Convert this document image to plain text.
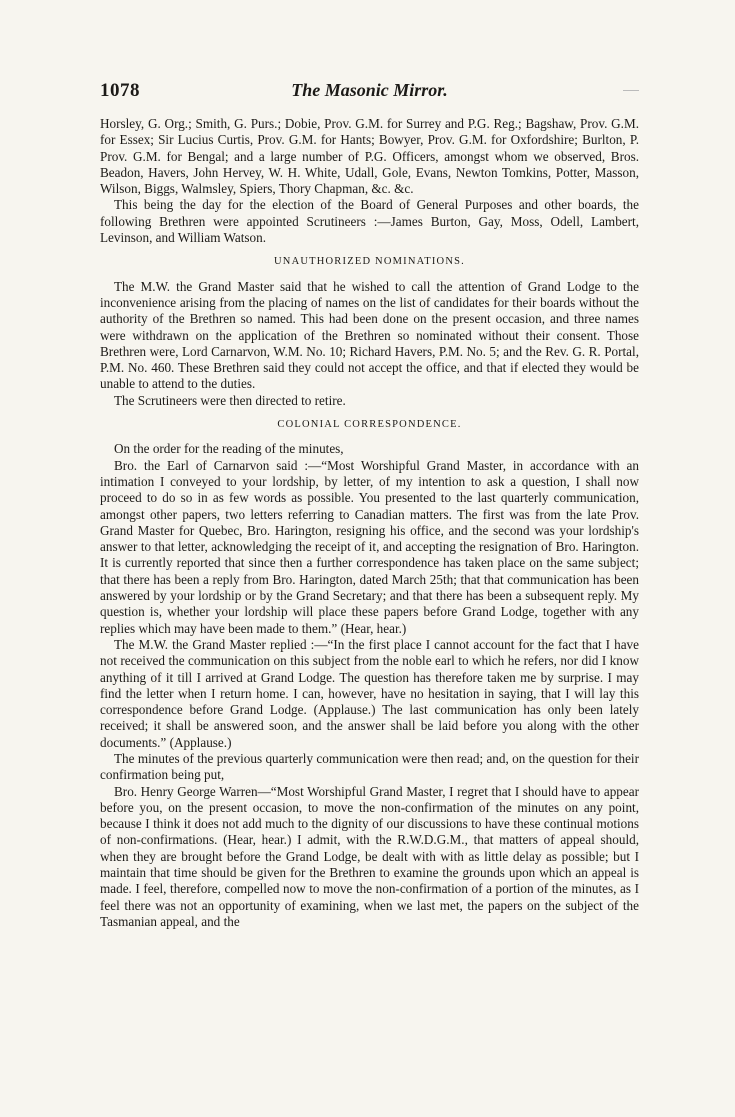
1078	The Masonic Mirror.

Horsley, G. Org.; Smith, G. Purs.; Dobie, Prov. G.M. for Surrey and P.G. Reg.; Bagshaw, Prov. G.M. for Essex; Sir Lucius Curtis, Prov. G.M. for Hants; Bowyer, Prov. G.M. for Oxfordshire; Burlton, P. Prov. G.M. for Bengal; and a large number of P.G. Officers, amongst whom we observed, Bros. Beadon, Havers, John Hervey, W. H. White, Udall, Gole, Evans, Newton Tomkins, Potter, Masson, Wilson, Biggs, Walmsley, Spiers, Thory Chapman, &c. &c.

This being the day for the election of the Board of General Purposes and other boards, the following Brethren were appointed Scrutineers :—James Burton, Gay, Moss, Odell, Lambert, Levinson, and William Watson.

UNAUTHORIZED NOMINATIONS.

The M.W. the Grand Master said that he wished to call the attention of Grand Lodge to the inconvenience arising from the placing of names on the list of candidates for their boards without the authority of the Brethren so named. This had been done on the present occasion, and three names were withdrawn on the application of the Brethren so nominated without their consent. Those Brethren were, Lord Carnarvon, W.M. No. 10; Richard Havers, P.M. No. 5; and the Rev. G. R. Portal, P.M. No. 460. These Brethren said they could not accept the office, and that if elected they would be unable to attend to the duties.

The Scrutineers were then directed to retire.

COLONIAL CORRESPONDENCE.

On the order for the reading of the minutes,

Bro. the Earl of Carnarvon said :—“Most Worshipful Grand Master, in accordance with an intimation I conveyed to your lordship, by letter, of my intention to ask a question, I shall now proceed to do so in as few words as possible. You presented to the last quarterly communication, amongst other papers, two letters referring to Canadian matters. The first was from the late Prov. Grand Master for Quebec, Bro. Harington, resigning his office, and the second was your lordship's answer to that letter, acknowledging the receipt of it, and accepting the resignation of Bro. Harington. It is currently reported that since then a further correspondence has taken place on the same subject; that there has been a reply from Bro. Harington, dated March 25th; that that communication has been answered by your lordship or by the Grand Secretary; and that there has been a subsequent reply. My question is, whether your lordship will place these papers before Grand Lodge, together with any replies which may have been made to them.” (Hear, hear.)

The M.W. the Grand Master replied :—“In the first place I cannot account for the fact that I have not received the communication on this subject from the noble earl to which he refers, nor did I know anything of it till I arrived at Grand Lodge. The question has therefore taken me by surprise. I may find the letter when I return home. I can, however, have no hesitation in saying, that I will lay this correspondence before Grand Lodge. (Applause.) The last communication has only been lately received; it shall be answered soon, and the answer shall be laid before you along with the other documents.” (Applause.)

The minutes of the previous quarterly communication were then read; and, on the question for their confirmation being put,

Bro. Henry George Warren—“Most Worshipful Grand Master, I regret that I should have to appear before you, on the present occasion, to move the non-confirmation of the minutes on any point, because I think it does not add much to the dignity of our discussions to have these continual motions of non-confirmations. (Hear, hear.) I admit, with the R.W.D.G.M., that matters of appeal should, when they are brought before the Grand Lodge, be dealt with with as little delay as possible; but I maintain that time should be given for the Brethren to examine the grounds upon which an appeal is made. I feel, therefore, compelled now to move the non-confirmation of a portion of the minutes, as I feel there was not an opportunity of examining, when we last met, the papers on the subject of the Tasmanian appeal, and the
